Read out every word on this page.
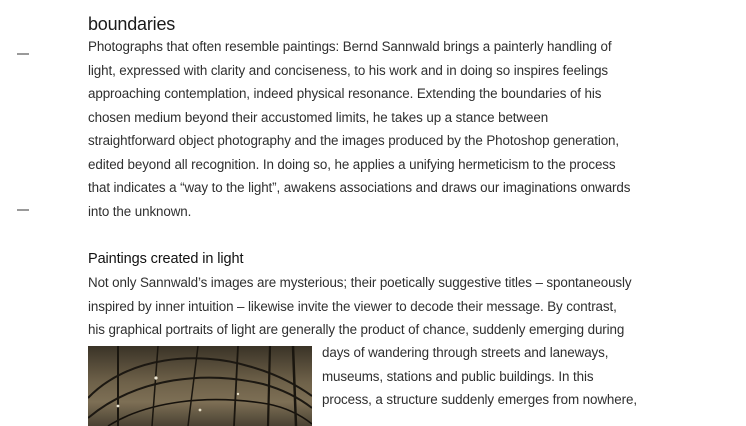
boundaries
Photographs that often resemble paintings: Bernd Sannwald brings a painterly handling of
light, expressed with clarity and conciseness, to his work and in doing so inspires feelings
approaching contemplation, indeed physical resonance. Extending the boundaries of his
chosen medium beyond their accustomed limits, he takes up a stance between
straightforward object photography and the images produced by the Photoshop generation,
edited beyond all recognition. In doing so, he applies a unifying hermeticism to the process
that indicates a “way to the light”, awakens associations and draws our imaginations onwards
into the unknown.
Paintings created in light
Not only Sannwald’s images are mysterious; their poetically suggestive titles – spontaneously
inspired by inner intuition – likewise invite the viewer to decode their message. By contrast,
his graphical portraits of light are generally the product of chance, suddenly emerging during
days of wandering through streets and laneways,
museums, stations and public buildings. In this
process, a structure suddenly emerges from nowhere,
